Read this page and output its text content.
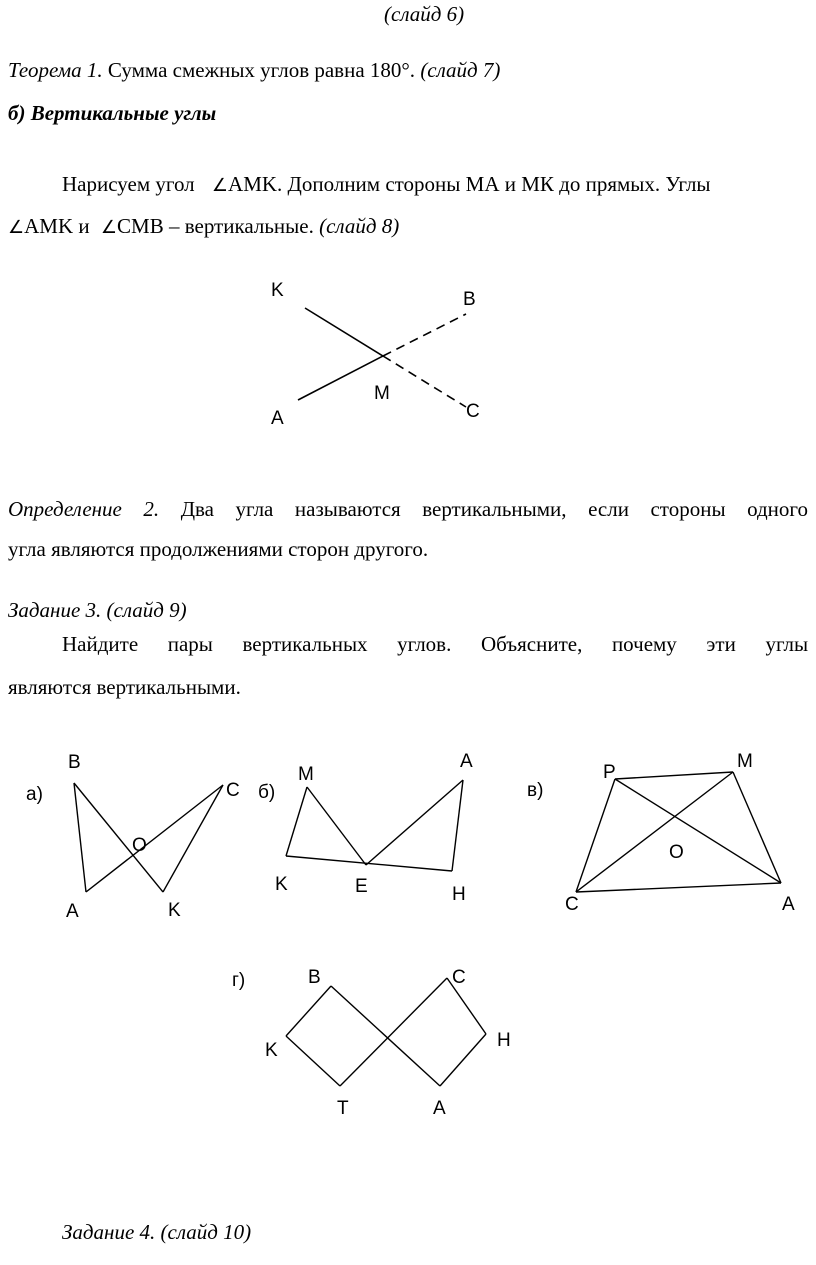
(слайд 6)
Теорема 1. Сумма смежных углов равна 180°. (слайд 7)
б) Вертикальные углы
Нарисуем угол ∠AMK. Дополним стороны МА и МК до прямых. Углы
∠AMK и ∠CMB – вертикальные. (слайд 8)
K	B
M
A	C
Определение 2. Два угла называются вертикальными, если стороны одного
угла являются продолжениями сторон другого.
Задание 3. (слайд 9)
Найдите пары вертикальных углов. Объясните, почему эти углы
являются вертикальными.
а)
B
C
O
A	K
б)
M
A
K	E	H
в)
P
M
O
C	A
г)	B	C
K	H
T	A
Задание 4. (слайд 10)
